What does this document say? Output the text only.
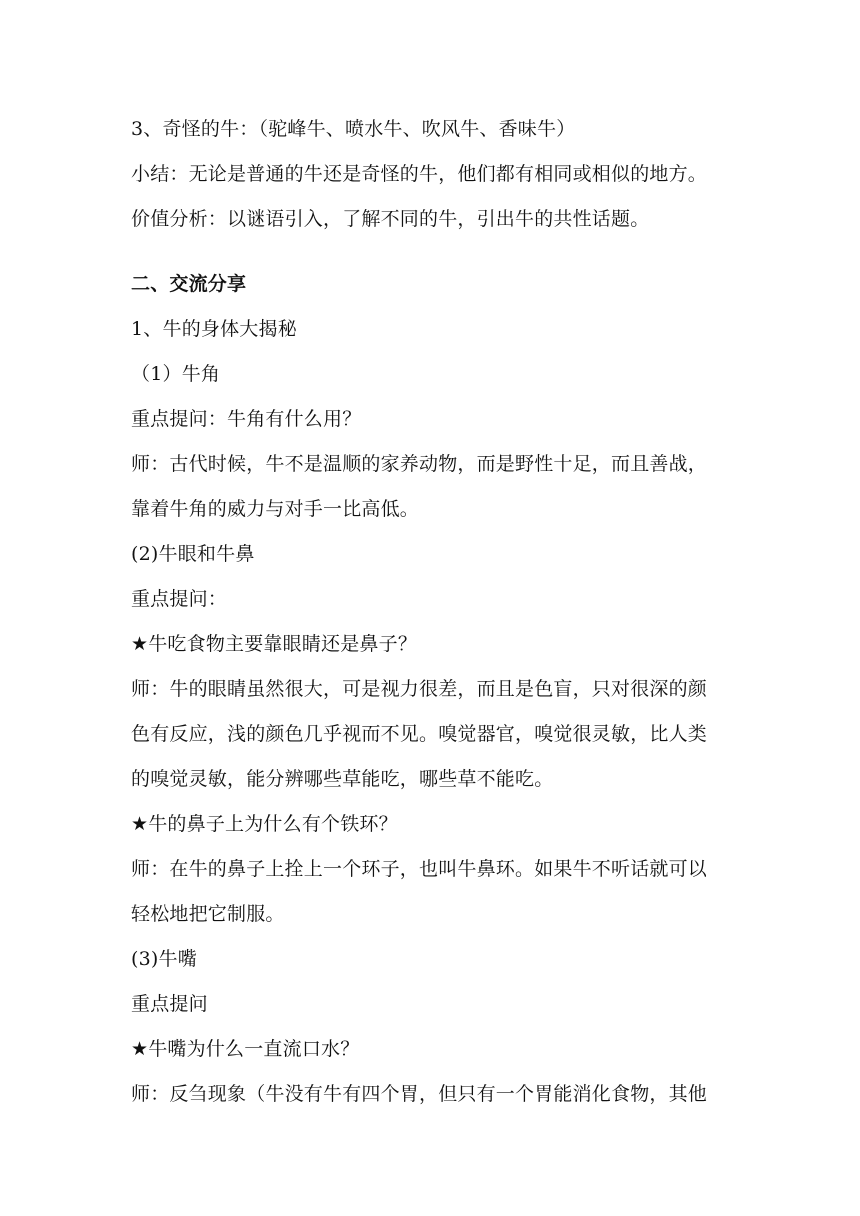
3、奇怪的牛：（驼峰牛、喷水牛、吹风牛、香味牛）
小结：无论是普通的牛还是奇怪的牛，他们都有相同或相似的地方。
价值分析：以谜语引入，了解不同的牛，引出牛的共性话题。
二、交流分享
1、牛的身体大揭秘
（1）牛角
重点提问：牛角有什么用？
师：古代时候，牛不是温顺的家养动物，而是野性十足，而且善战，
靠着牛角的威力与对手一比高低。
(2)牛眼和牛鼻
重点提问：
★牛吃食物主要靠眼睛还是鼻子？
师：牛的眼睛虽然很大，可是视力很差，而且是色盲，只对很深的颜
色有反应，浅的颜色几乎视而不见。嗅觉器官，嗅觉很灵敏，比人类
的嗅觉灵敏，能分辨哪些草能吃，哪些草不能吃。
★牛的鼻子上为什么有个铁环？
师：在牛的鼻子上拴上一个环子，也叫牛鼻环。如果牛不听话就可以
轻松地把它制服。
(3)牛嘴
重点提问
★牛嘴为什么一直流口水？
师：反刍现象（牛没有牛有四个胃，但只有一个胃能消化食物，其他
